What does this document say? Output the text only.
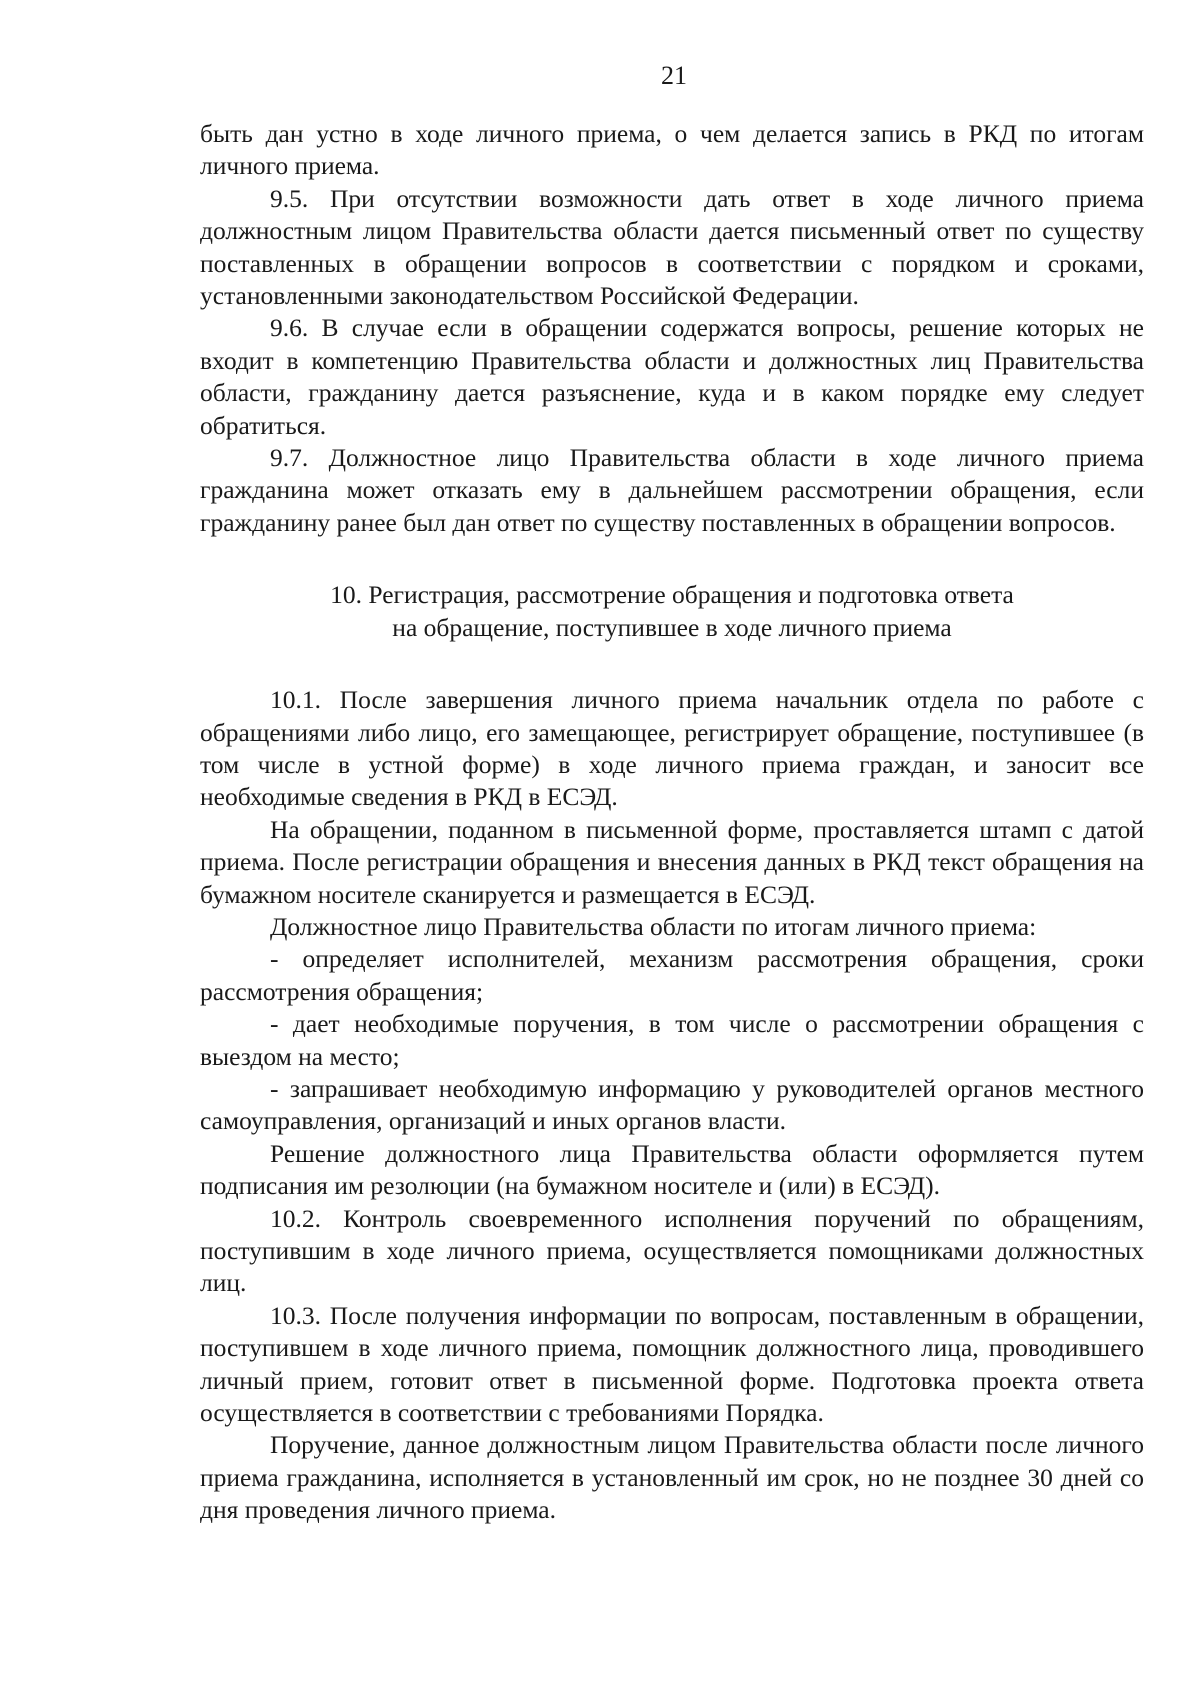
21

быть дан устно в ходе личного приема, о чем делается запись в РКД по итогам личного приема.

9.5. При отсутствии возможности дать ответ в ходе личного приема должностным лицом Правительства области дается письменный ответ по существу поставленных в обращении вопросов в соответствии с порядком и сроками, установленными законодательством Российской Федерации.

9.6. В случае если в обращении содержатся вопросы, решение которых не входит в компетенцию Правительства области и должностных лиц Правительства области, гражданину дается разъяснение, куда и в каком порядке ему следует обратиться.

9.7. Должностное лицо Правительства области в ходе личного приема гражданина может отказать ему в дальнейшем рассмотрении обращения, если гражданину ранее был дан ответ по существу поставленных в обращении вопросов.

10. Регистрация, рассмотрение обращения и подготовка ответа
на обращение, поступившее в ходе личного приема

10.1. После завершения личного приема начальник отдела по работе с обращениями либо лицо, его замещающее, регистрирует обращение, поступившее (в том числе в устной форме) в ходе личного приема граждан, и заносит все необходимые сведения в РКД в ЕСЭД.

На обращении, поданном в письменной форме, проставляется штамп с датой приема. После регистрации обращения и внесения данных в РКД текст обращения на бумажном носителе сканируется и размещается в ЕСЭД.

Должностное лицо Правительства области по итогам личного приема:

- определяет исполнителей, механизм рассмотрения обращения, сроки рассмотрения обращения;

- дает необходимые поручения, в том числе о рассмотрении обращения с выездом на место;

- запрашивает необходимую информацию у руководителей органов местного самоуправления, организаций и иных органов власти.

Решение должностного лица Правительства области оформляется путем подписания им резолюции (на бумажном носителе и (или) в ЕСЭД).

10.2. Контроль своевременного исполнения поручений по обращениям, поступившим в ходе личного приема, осуществляется помощниками должностных лиц.

10.3. После получения информации по вопросам, поставленным в обращении, поступившем в ходе личного приема, помощник должностного лица, проводившего личный прием, готовит ответ в письменной форме. Подготовка проекта ответа осуществляется в соответствии с требованиями Порядка.

Поручение, данное должностным лицом Правительства области после личного приема гражданина, исполняется в установленный им срок, но не позднее 30 дней со дня проведения личного приема.
